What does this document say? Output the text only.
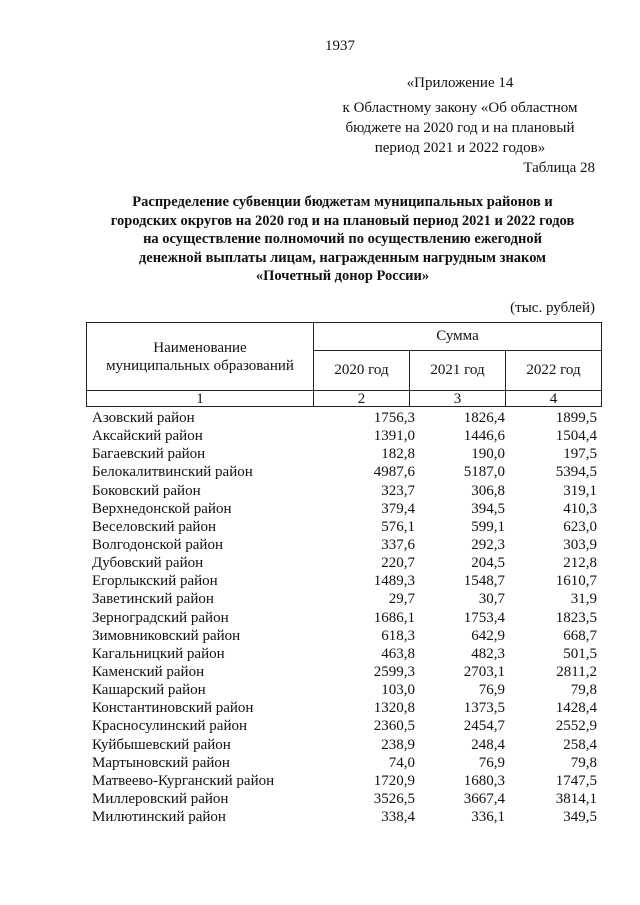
1937
«Приложение 14
к Областному закону «Об областном
бюджете на 2020 год и на плановый
период 2021 и 2022 годов»
Таблица 28
Распределение субвенции бюджетам муниципальных районов и
городских округов на 2020 год и на плановый период 2021 и 2022 годов
на осуществление полномочий по осуществлению ежегодной
денежной выплаты лицам, награжденным нагрудным знаком
«Почетный донор России»
(тыс. рублей)
Наименование
муниципальных образований	Сумма		
	2020 год	2021 год	2022 год
1	2	3	4
Азовский район	1756,3	1826,4	1899,5
Аксайский район	1391,0	1446,6	1504,4
Багаевский район	182,8	190,0	197,5
Белокалитвинский район	4987,6	5187,0	5394,5
Боковский район	323,7	306,8	319,1
Верхнедонской район	379,4	394,5	410,3
Веселовский район	576,1	599,1	623,0
Волгодонской район	337,6	292,3	303,9
Дубовский район	220,7	204,5	212,8
Егорлыкский район	1489,3	1548,7	1610,7
Заветинский район	29,7	30,7	31,9
Зерноградский район	1686,1	1753,4	1823,5
Зимовниковский район	618,3	642,9	668,7
Кагальницкий район	463,8	482,3	501,5
Каменский район	2599,3	2703,1	2811,2
Кашарский район	103,0	76,9	79,8
Константиновский район	1320,8	1373,5	1428,4
Красносулинский район	2360,5	2454,7	2552,9
Куйбышевский район	238,9	248,4	258,4
Мартыновский район	74,0	76,9	79,8
Матвеево-Курганский район	1720,9	1680,3	1747,5
Миллеровский район	3526,5	3667,4	3814,1
Милютинский район	338,4	336,1	349,5
